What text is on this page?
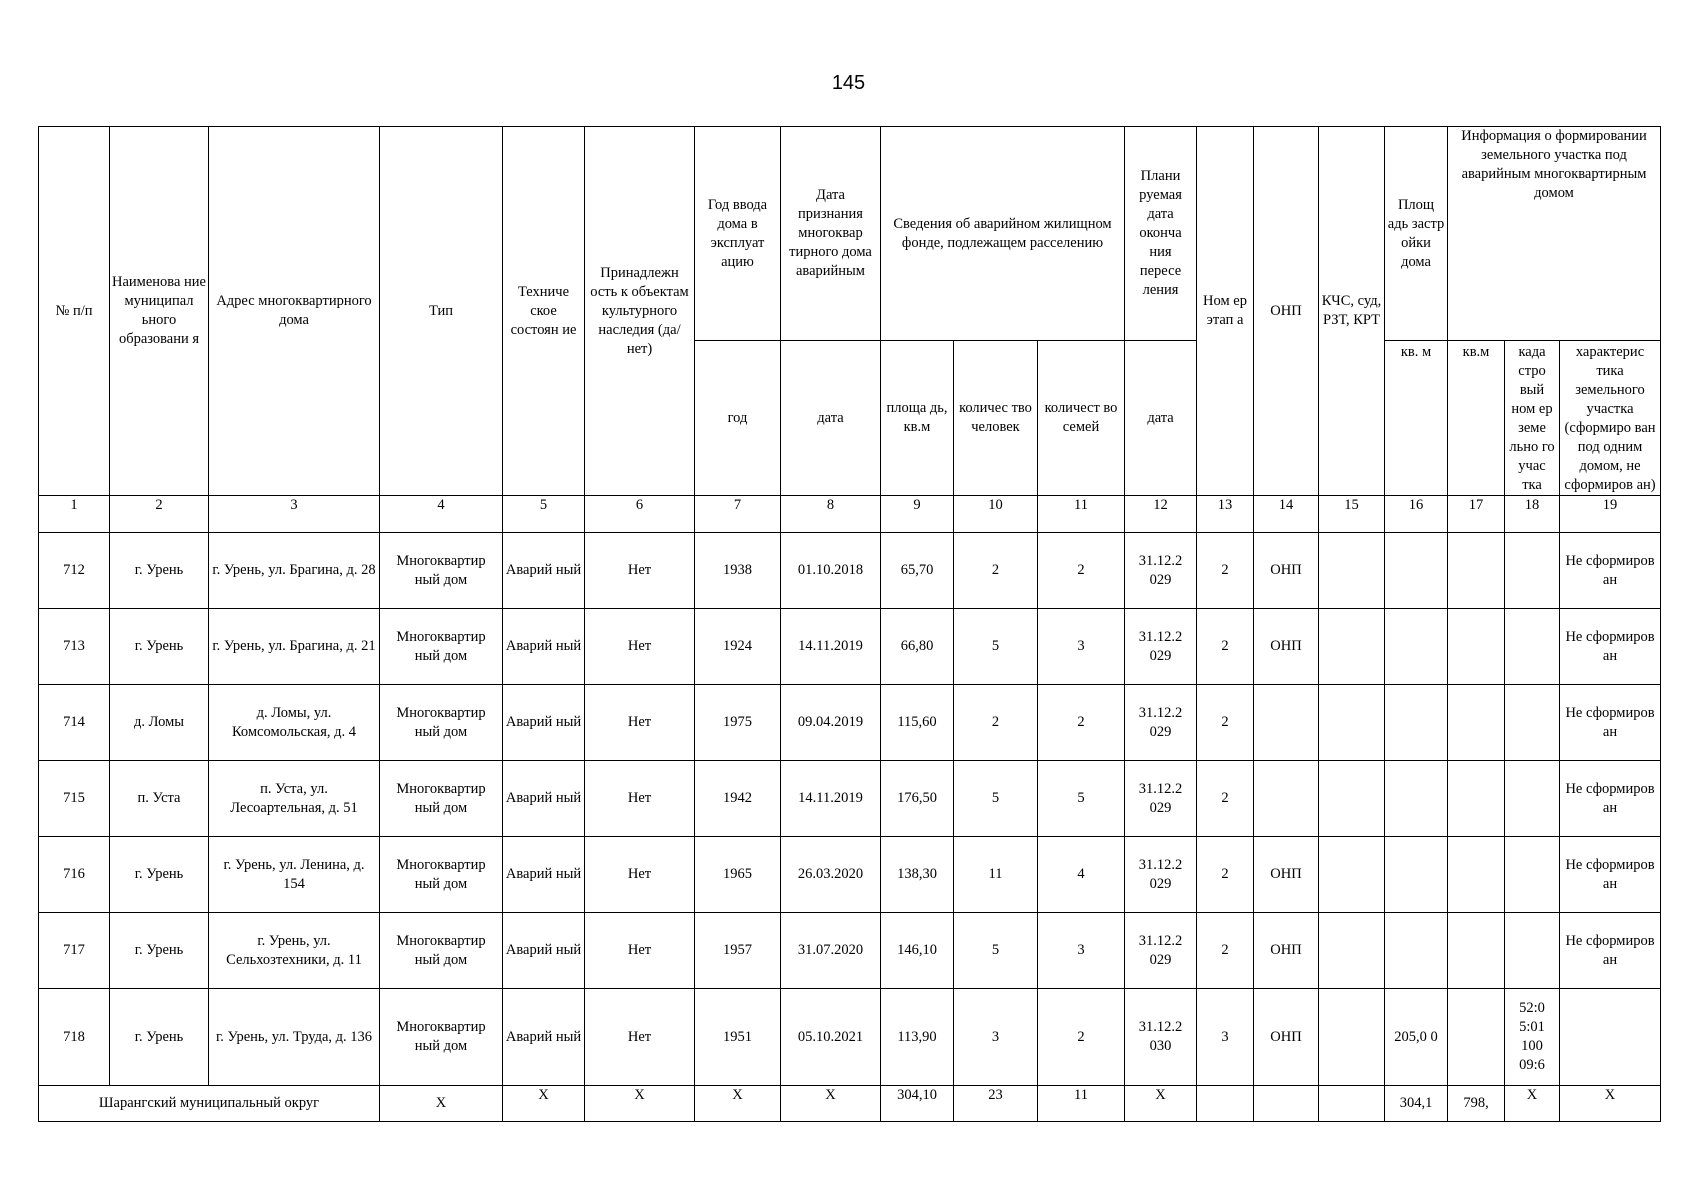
145
№ п/п	Наименова ние муниципал ьного образовани я	Адрес многоквартирного дома	Тип	Техниче ское состоян ие	Принадлежн ость к объектам культурного наследия (да/нет)	Год ввода дома в эксплуат ацию	Дата признания многоквар тирного дома аварийным	Сведения об аварийном жилищном фонде, подлежащем расселению			Плани руемая дата оконча ния пересе ления	Ном ер этап а	ОНП	КЧС, суд, РЗТ, КРТ	Площ адь застр ойки дома	Информация о формировании земельного участка под аварийным многоквартирным домом		
						год	дата	площа дь, кв.м	количес тво человек	количест во семей	дата				кв. м	кв.м	када стро вый ном ер земе льно го учас тка	характерис тика земельного участка (сформиро ван под одним домом, не сформиров ан)
1	2	3	4	5	6	7	8	9	10	11	12	13	14	15	16	17	18	19
712	г. Урень	г. Урень, ул. Брагина, д. 28	Многоквартир ный дом	Аварий ный	Нет	1938	01.10.2018	65,70	2	2	31.12.2 029	2	ОНП					Не сформиров ан
713	г. Урень	г. Урень, ул. Брагина, д. 21	Многоквартир ный дом	Аварий ный	Нет	1924	14.11.2019	66,80	5	3	31.12.2 029	2	ОНП					Не сформиров ан
714	д. Ломы	д. Ломы, ул. Комсомольская, д. 4	Многоквартир ный дом	Аварий ный	Нет	1975	09.04.2019	115,60	2	2	31.12.2 029	2						Не сформиров ан
715	п. Уста	п. Уста, ул. Лесоартельная, д. 51	Многоквартир ный дом	Аварий ный	Нет	1942	14.11.2019	176,50	5	5	31.12.2 029	2						Не сформиров ан
716	г. Урень	г. Урень, ул. Ленина, д. 154	Многоквартир ный дом	Аварий ный	Нет	1965	26.03.2020	138,30	11	4	31.12.2 029	2	ОНП					Не сформиров ан
717	г. Урень	г. Урень, ул. Сельхозтехники, д. 11	Многоквартир ный дом	Аварий ный	Нет	1957	31.07.2020	146,10	5	3	31.12.2 029	2	ОНП					Не сформиров ан
718	г. Урень	г. Урень, ул. Труда, д. 136	Многоквартир ный дом	Аварий ный	Нет	1951	05.10.2021	113,90	3	2	31.12.2 030	3	ОНП		205,0 0		52:0 5:01 100 09:6	
Шарангский муниципальный округ			X	X	X	X	X	304,10	23	11	X				304,1	798,	X	X
